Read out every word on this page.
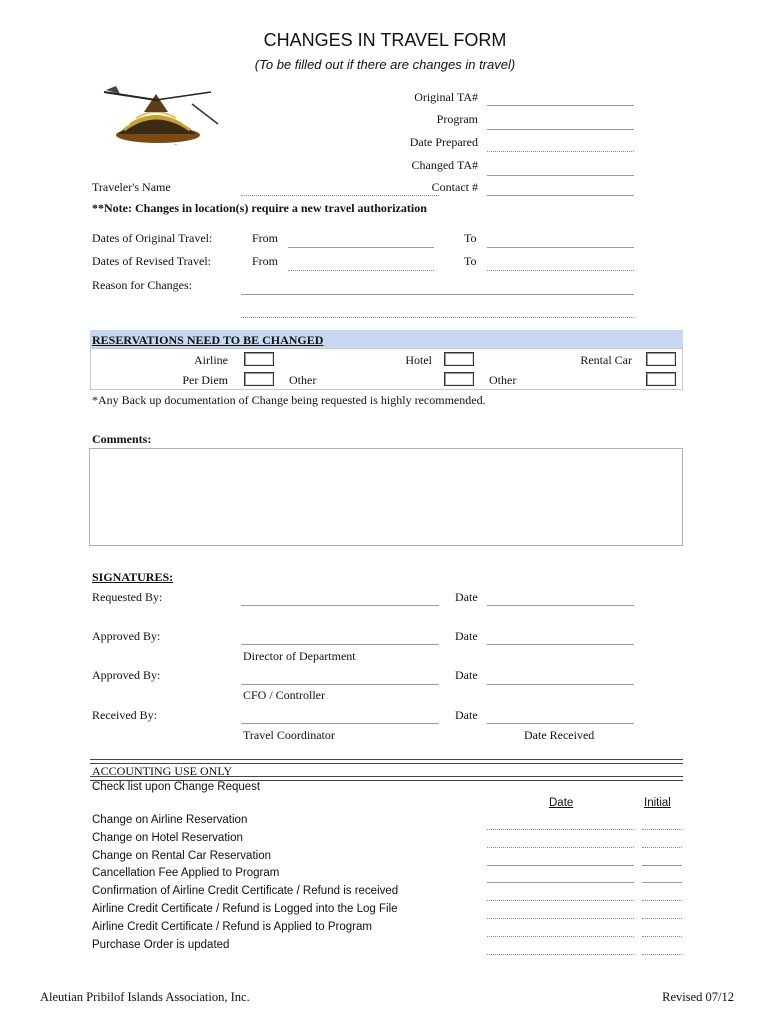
CHANGES IN TRAVEL FORM
(To be filled out if there are changes in travel)
~
Original TA#
Program
Date Prepared
Changed TA#
Traveler's Name	Contact #
**Note: Changes in location(s) require a new travel authorization
Dates of Original Travel:	From	To
Dates of Revised Travel:	From	To
Reason for Changes:
RESERVATIONS NEED TO BE CHANGED
Airline	Hotel	Rental Car
Per Diem	Other	Other
*Any Back up documentation of Change being requested is highly recommended.
Comments:
SIGNATURES:
Requested By:	Date
Approved By:	Date
Director of Department
Approved By:	Date
CFO / Controller
Received By:	Date
Travel Coordinator	Date Received
ACCOUNTING USE ONLY
Check list upon Change Request
Date	Initial
Change on Airline Reservation
Change on Hotel Reservation
Change on Rental Car Reservation
Cancellation Fee Applied to Program
Confirmation of Airline Credit Certificate / Refund is received
Airline Credit Certificate / Refund is Logged into the Log File
Airline Credit Certificate / Refund is Applied to Program
Purchase Order is updated
Aleutian Pribilof Islands Association, Inc.	Revised 07/12
